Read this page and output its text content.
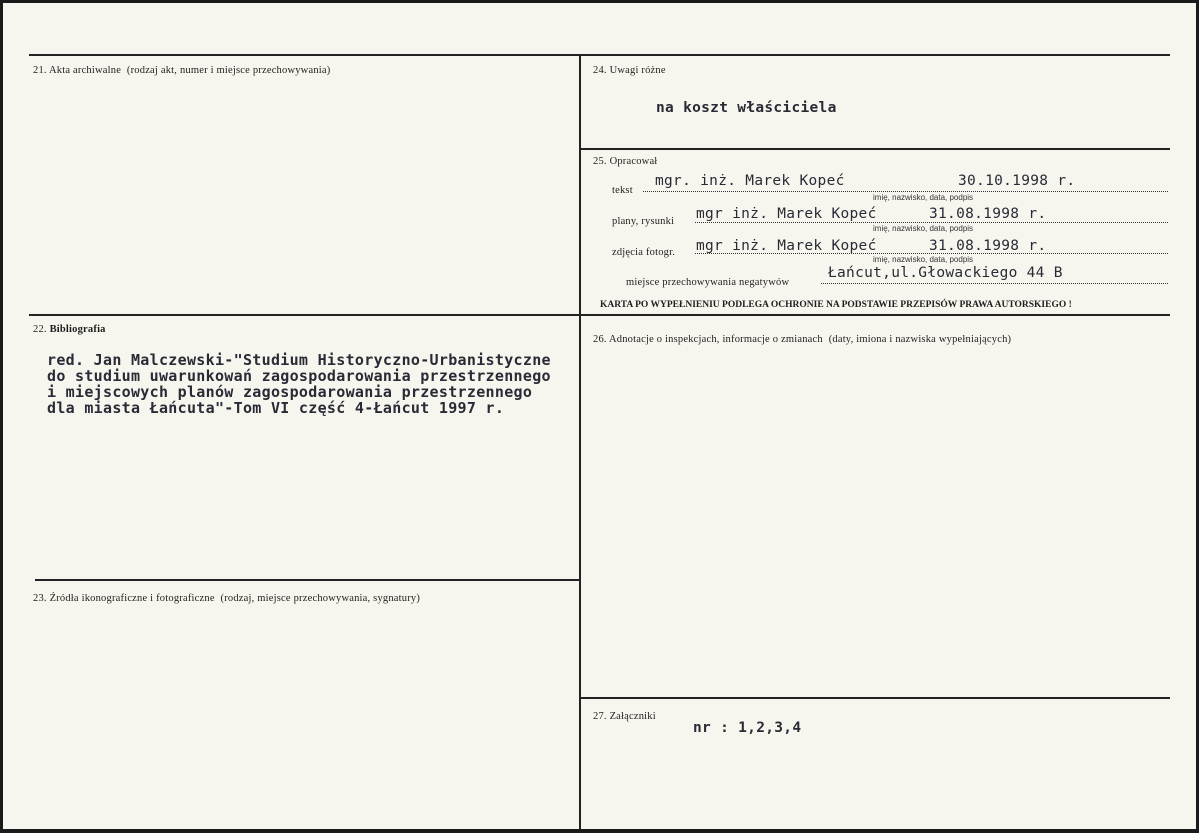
21. Akta archiwalne (rodzaj akt, numer i miejsce przechowywania)	24. Uwagi różne
na koszt właściciela
25. Opracował
tekst
mgr. inż. Marek Kopeć	30.10.1998 r.
imię, nazwisko, data, podpis
plany, rysunki mgr inż. Marek Kopeć	31.08.1998 r.
imię, nazwisko, data, podpis
zdjęcia fotogr. mgr inż. Marek Kopeć	31.08.1998 r.
imię, nazwisko, data, podpis
miejsce przechowywania negatywów
Łańcut,ul.Głowackiego 44 B
KARTA PO WYPEŁNIENIU PODLEGA OCHRONIE NA PODSTAWIE PRZEPISÓW PRAWA AUTORSKIEGO !
22. Bibliografia
red. Jan Malczewski-"Studium Historyczno-Urbanistyczne
do studium uwarunkowań zagospodarowania przestrzennego
i miejscowych planów zagospodarowania przestrzennego
dla miasta Łańcuta"-Tom VI część 4-Łańcut 1997 r.
26. Adnotacje o inspekcjach, informacje o zmianach (daty, imiona i nazwiska wypełniających)
23. Źródła ikonograficzne i fotograficzne (rodzaj, miejsce przechowywania, sygnatury)
27. Załączniki
nr : 1,2,3,4
